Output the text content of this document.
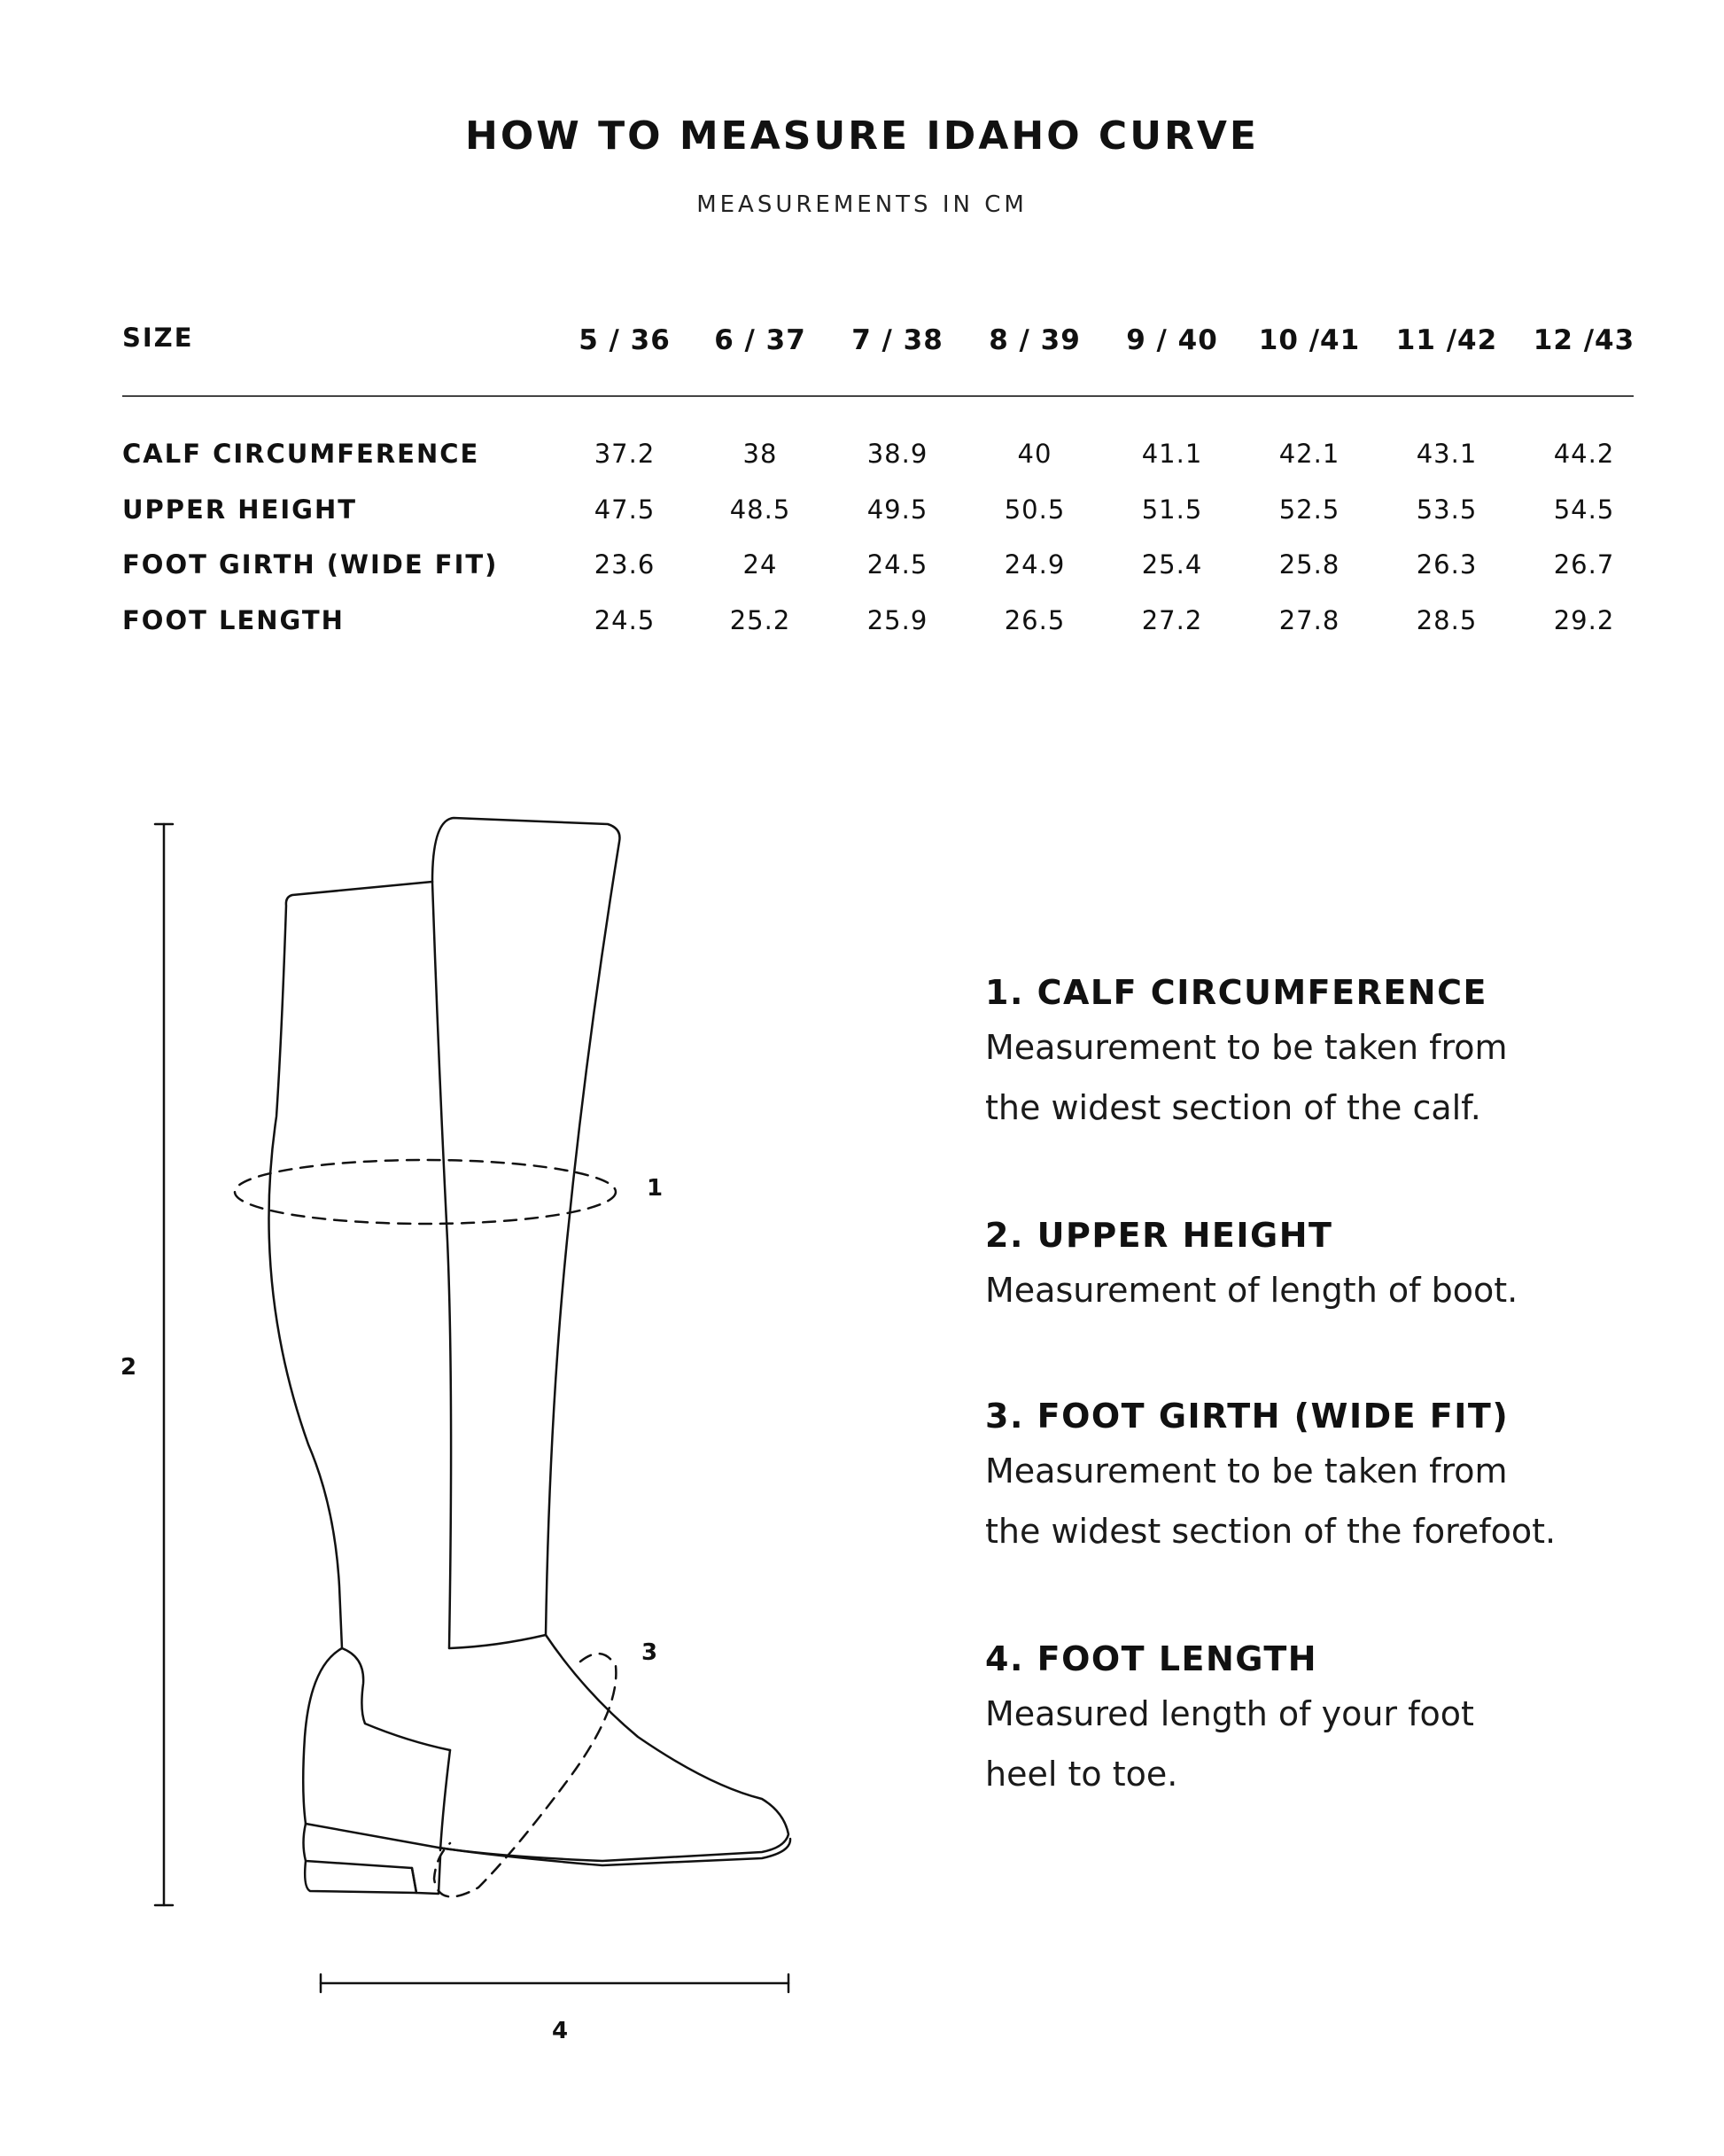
HOW TO MEASURE IDAHO CURVE
MEASUREMENTS IN CM
SIZE	5 / 36	6 / 37	7 / 38	8 / 39	9 / 40	10 /41	11 /42	12 /43
CALF CIRCUMFERENCE	37.2	38	38.9	40	41.1	42.1	43.1	44.2
UPPER HEIGHT	47.5	48.5	49.5	50.5	51.5	52.5	53.5	54.5
FOOT GIRTH (WIDE FIT)	23.6	24	24.5	24.9	25.4	25.8	26.3	26.7
FOOT LENGTH	24.5	25.2	25.9	26.5	27.2	27.8	28.5	29.2
1
2
3
4
1. CALF CIRCUMFERENCE

Measurement to be taken from

the widest section of the calf.

2. UPPER HEIGHT

Measurement of length of boot.

3. FOOT GIRTH (WIDE FIT)

Measurement to be taken from

the widest section of the forefoot.

4. FOOT LENGTH

Measured length of your foot

heel to toe.
